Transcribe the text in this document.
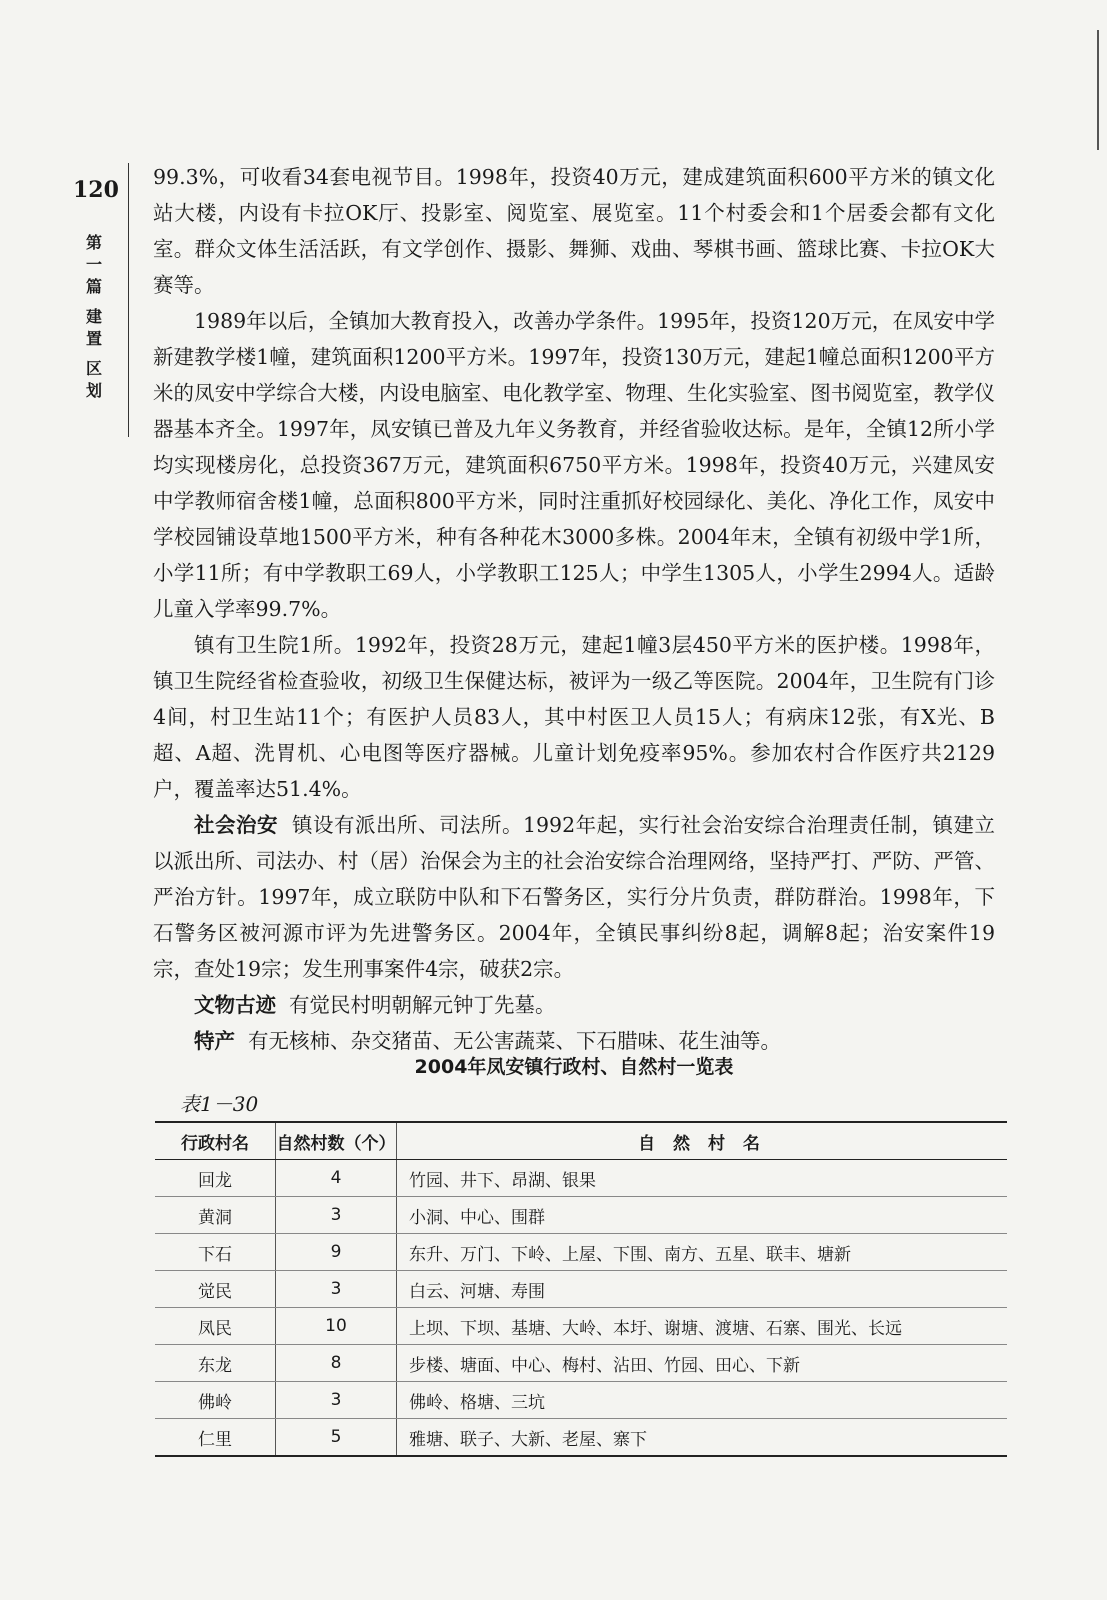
120
第
一
篇
建
置
区
划

99.3%，可收看34套电视节目。1998年，投资40万元，建成建筑面积600平方米的镇文化站大楼，内设有卡拉OK厅、投影室、阅览室、展览室。11个村委会和1个居委会都有文化室。群众文体生活活跃，有文学创作、摄影、舞狮、戏曲、琴棋书画、篮球比赛、卡拉OK大赛等。

1989年以后，全镇加大教育投入，改善办学条件。1995年，投资120万元，在凤安中学新建教学楼1幢，建筑面积1200平方米。1997年，投资130万元，建起1幢总面积1200平方米的凤安中学综合大楼，内设电脑室、电化教学室、物理、生化实验室、图书阅览室，教学仪器基本齐全。1997年，凤安镇已普及九年义务教育，并经省验收达标。是年，全镇12所小学均实现楼房化，总投资367万元，建筑面积6750平方米。1998年，投资40万元，兴建凤安中学教师宿舍楼1幢，总面积800平方米，同时注重抓好校园绿化、美化、净化工作，凤安中学校园铺设草地1500平方米，种有各种花木3000多株。2004年末，全镇有初级中学1所，小学11所；有中学教职工69人，小学教职工125人；中学生1305人，小学生2994人。适龄儿童入学率99.7%。

镇有卫生院1所。1992年，投资28万元，建起1幢3层450平方米的医护楼。1998年，镇卫生院经省检查验收，初级卫生保健达标，被评为一级乙等医院。2004年，卫生院有门诊4间，村卫生站11个；有医护人员83人，其中村医卫人员15人；有病床12张，有X光、B超、A超、洗胃机、心电图等医疗器械。儿童计划免疫率95%。参加农村合作医疗共2129户，覆盖率达51.4%。

社会治安 镇设有派出所、司法所。1992年起，实行社会治安综合治理责任制，镇建立以派出所、司法办、村（居）治保会为主的社会治安综合治理网络，坚持严打、严防、严管、严治方针。1997年，成立联防中队和下石警务区，实行分片负责，群防群治。1998年，下石警务区被河源市评为先进警务区。2004年，全镇民事纠纷8起，调解8起；治安案件19宗，查处19宗；发生刑事案件4宗，破获2宗。

文物古迹 有觉民村明朝解元钟丁先墓。

特产 有无核柿、杂交猪苗、无公害蔬菜、下石腊味、花生油等。

2004年凤安镇行政村、自然村一览表
表1－30
行政村名	自然村数（个）	自 然 村 名
回龙	4	竹园、井下、昂湖、银果
黄洞	3	小洞、中心、围群
下石	9	东升、万门、下岭、上屋、下围、南方、五星、联丰、塘新
觉民	3	白云、河塘、寿围
凤民	10	上坝、下坝、基塘、大岭、本圩、谢塘、渡塘、石寨、围光、长远
东龙	8	步楼、塘面、中心、梅村、沾田、竹园、田心、下新
佛岭	3	佛岭、格塘、三坑
仁里	5	雅塘、联子、大新、老屋、寨下
